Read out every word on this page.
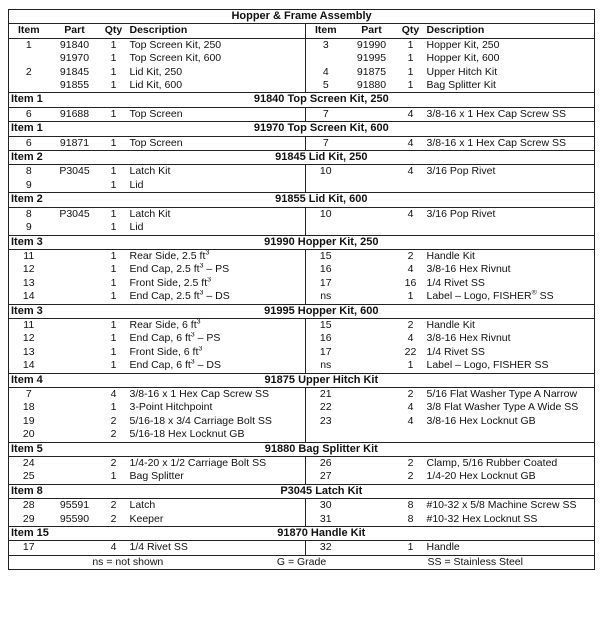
Hopper & Frame Assembly							
Item	Part	Qty	Description	Item	Part	Qty	Description
1	91840	1	Top Screen Kit, 250	3	91990	1	Hopper Kit, 250
	91970	1	Top Screen Kit, 600		91995	1	Hopper Kit, 600
2	91845	1	Lid Kit, 250	4	91875	1	Upper Hitch Kit
	91855	1	Lid Kit, 600	5	91880	1	Bag Splitter Kit
Item 1	91840 Top Screen Kit, 250						
6	91688	1	Top Screen	7		4	3/8-16 x 1 Hex Cap Screw SS
Item 1	91970 Top Screen Kit, 600						
6	91871	1	Top Screen	7		4	3/8-16 x 1 Hex Cap Screw SS
Item 2	91845 Lid Kit, 250						
8	P3045	1	Latch Kit	10		4	3/16 Pop Rivet
9		1	Lid				
Item 2	91855 Lid Kit, 600						
8	P3045	1	Latch Kit	10		4	3/16 Pop Rivet
9		1	Lid				
Item 3	91990 Hopper Kit, 250						
11		1	Rear Side, 2.5 $ft^3$	15		2	Handle Kit
12		1	End Cap, 2.5 $ft^3$ – PS	16		4	3/8-16 Hex Rivnut
13		1	Front Side, 2.5 $ft^3$	17		16	1/4 Rivet SS
14		1	End Cap, 2.5 $ft^3$ – DS	ns		1	Label – Logo, FISHER® SS
Item 3	91995 Hopper Kit, 600						
11		1	Rear Side, 6 $ft^3$	15		2	Handle Kit
12		1	End Cap, 6 $ft^3$ – PS	16		4	3/8-16 Hex Rivnut
13		1	Front Side, 6 $ft^3$	17		22	1/4 Rivet SS
14		1	End Cap, 6 $ft^3$ – DS	ns		1	Label – Logo, FISHER SS
Item 4	91875 Upper Hitch Kit						
7		4	3/8-16 x 1 Hex Cap Screw SS	21		2	5/16 Flat Washer Type A Narrow
18		1	3-Point Hitchpoint	22		4	3/8 Flat Washer Type A Wide SS
19		2	5/16-18 x 3/4 Carriage Bolt SS	23		4	3/8-16 Hex Locknut GB
20		2	5/16-18 Hex Locknut GB				
Item 5	91880 Bag Splitter Kit						
24		2	1/4-20 x 1/2 Carriage Bolt SS	26		2	Clamp, 5/16 Rubber Coated
25		1	Bag Splitter	27		2	1/4-20 Hex Locknut GB
Item 8	P3045 Latch Kit						
28	95591	2	Latch	30		8	#10-32 x 5/8 Machine Screw SS
29	95590	2	Keeper	31		8	#10-32 Hex Locknut SS
Item 15	91870 Handle Kit						
17		4	1/4 Rivet SS	32		1	Handle
ns = not shown G = Grade SS = Stainless Steel							
